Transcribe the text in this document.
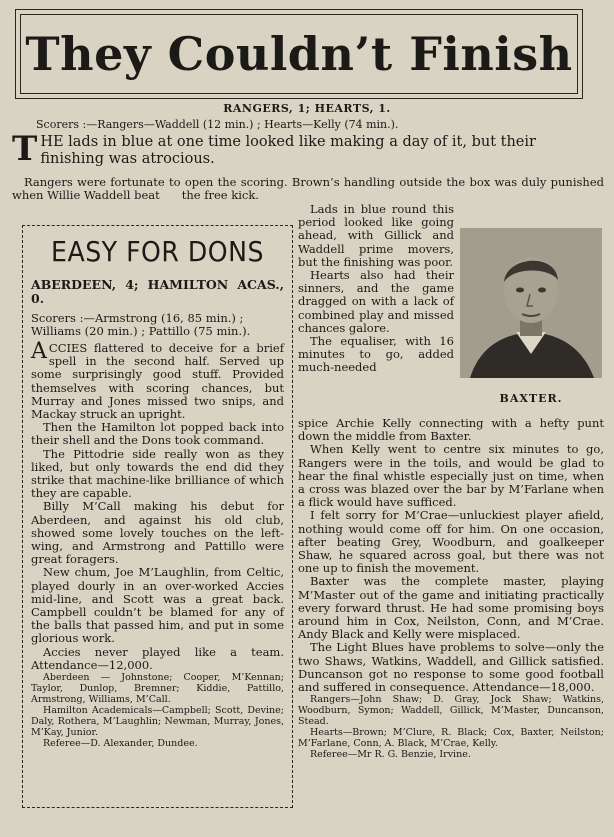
They Couldn’t Finish
RANGERS, 1; HEARTS, 1.
Scorers :—Rangers—Waddell (12 min.) ; Hearts—Kelly (74 min.).
THE lads in blue at one time looked like making a day of it, but their finishing was atrocious.

Rangers were fortunate to open the scoring. Brown’s handling outside the box was duly punished when Willie Waddell beat the free kick.

EASY FOR DONS
ABERDEEN, 4; HAMILTON ACAS., 0.
Scorers :—Armstrong (16, 85 min.) ; Williams (20 min.) ; Pattillo (75 min.).

ACCIES flattered to deceive for a brief spell in the second half. Served up some surprisingly good stuff. Provided themselves with scoring chances, but Murray and Jones missed two snips, and Mackay struck an upright.

Then the Hamilton lot popped back into their shell and the Dons took command.

The Pittodrie side really won as they liked, but only towards the end did they strike that machine-like brilliance of which they are capable.

Billy M’Call making his debut for Aberdeen, and against his old club, showed some lovely touches on the left-wing, and Armstrong and Pattillo were great foragers.

New chum, Joe M’Laughlin, from Celtic, played dourly in an over-worked Accies mid-line, and Scott was a great back. Campbell couldn’t be blamed for any of the balls that passed him, and put in some glorious work.

Accies never played like a team. Attendance—12,000.

Aberdeen — Johnstone; Cooper, M’Kennan; Taylor, Dunlop, Bremner; Kiddie, Pattillo, Armstrong, Williams, M’Call.

Hamilton Academicals—Campbell; Scott, Devine; Daly, Rothera, M’Laughlin; Newman, Murray, Jones, M’Kay, Junior.

Referee—D. Alexander, Dundee.

Lads in blue round this period looked like going ahead, with Gillick and Waddell prime movers, but the finishing was poor.

Hearts also had their sinners, and the game dragged on with a lack of combined play and missed chances galore.

The equaliser, with 16 minutes to go, added much-needed

BAXTER.

spice Archie Kelly connecting with a hefty punt down the middle from Baxter.

When Kelly went to centre six minutes to go, Rangers were in the toils, and would be glad to hear the final whistle especially just on time, when a cross was blazed over the bar by M’Farlane when a flick would have sufficed.

I felt sorry for M’Crae—unluckiest player afield, nothing would come off for him. On one occasion, after beating Grey, Woodburn, and goalkeeper Shaw, he squared across goal, but there was not one up to finish the movement.

Baxter was the complete master, playing M’Master out of the game and initiating practically every forward thrust. He had some promising boys around him in Cox, Neilston, Conn, and M’Crae. Andy Black and Kelly were misplaced.

The Light Blues have problems to solve—only the two Shaws, Watkins, Waddell, and Gillick satisfied. Duncanson got no response to some good football and suffered in consequence. Attendance—18,000.

Rangers—John Shaw; D. Gray, Jock Shaw; Watkins, Woodburn, Symon; Waddell, Gillick, M’Master, Duncanson, Stead.

Hearts—Brown; M’Clure, R. Black; Cox, Baxter, Neilston; M’Farlane, Conn, A. Black, M’Crae, Kelly.

Referee—Mr R. G. Benzie, Irvine.
